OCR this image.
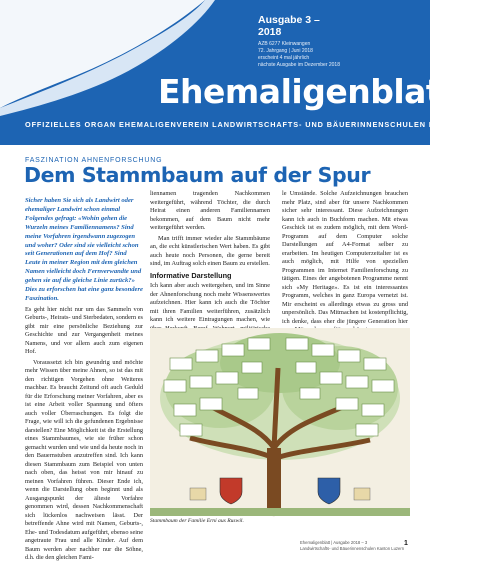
Ausgabe 3 – 2018
AZB 6277 Kleinwangen
72. Jahrgang | Juni 2018
erscheint 4 mal jährlich
nächste Ausgabe im Dezember 2018
Ehemaligenblatt
OFFIZIELLES ORGAN EHEMALIGENVEREIN LANDWIRTSCHAFTS- UND BÄUERINNENSCHULEN KANTON LUZERN
FASZINATION AHNENFORSCHUNG
Dem Stammbaum auf der Spur

Sicher haben Sie sich als Landwirt oder ehemaliger Landwirt schon einmal Folgendes gefragt: «Wohin gehen die Wurzeln meines Familiennamens? Sind meine Vorfahren irgendwann zugezogen und woher? Oder sind sie vielleicht schon seit Generationen auf dem Hof? Sind Leute in meiner Region mit dem gleichen Namen vielleicht doch Fernverwandte und gehen sie auf die gleiche Linie zurück?» Dies zu erforschen hat eine ganz besondere Faszination.

Es geht hier nicht nur um das Sammeln von Geburts-, Heirats- und Sterbedaten, sondern es gibt mir eine persönliche Beziehung zur Geschichte und zur Vergangenheit meines Namens, und vor allem auch zum eigenen Hof.

Voraussetzt ich bin gwundrig und möchte mehr Wissen über meine Ahnen, so ist das mit den richtigen Vorgehen ohne Weiteres machbar. Es braucht Zeitund oft auch Geduld für die Erforschung meiner Vorfahren, aber es ist eine Arbeit voller Spannung und öfters auch voller Überraschungen. Es folgt die Frage, wie will ich die gefundenen Ergebnisse darstellen? Eine Möglichkeit ist die Erstellung eines Stammbaumes, wie sie früher schon gemacht wurden und wie und da heute noch in den Bauernstuben anzutreffen sind. Ich kann diesen Stammbaum zum Beispiel von unten nach oben, das heisst von mir hinauf zu meinen Vorfahren führen. Dieser Ende ich, wenn die Darstellung oben beginnt und als Ausgangspunkt der älteste Vorfahre genommen wird, dessen Nachkommenschaft sich lückenlos nachweisen lässt. Der betreffende Ahne wird mit Namen, Geburts-, Ehe- und Todesdatum aufgeführt, ebenso seine angetraute Frau und alle Kinder. Auf dem Baum werden aber nachher nur die Söhne, d.h. die den gleichen Fami-

liennamen tragenden Nachkommen weitergeführt, während Töchter, die durch Heirat einen anderen Familiennamen bekommen, auf dem Baum nicht mehr weitergeführt werden.

Man trifft immer wieder alte Stammbäume an, die echt künstlerischen Wert haben. Es gibt auch heute noch Personen, die gerne bereit sind, im Auftrag solch einen Baum zu erstellen.

Informative Darstellung

Ich kann aber auch weitergehen, und im Sinne der Ahnenforschung noch mehr Wissenswertes aufzeichnen. Hier kann ich auch die Töchter mit ihren Familien weiterführen, zusätzlich kann ich weitere Eintragungen machen, wie

le Umstände. Solche Aufzeichnungen brauchen mehr Platz, sind aber für unsere Nachkommen sicher sehr interessant. Diese Aufzeichnungen kann ich auch in Buchform machen. Mit etwas Geschick ist es zudem möglich, mit dem Word-Programm auf dem Computer solche Darstellungen auf A4-Format selber zu erarbeiten. Im heutigen Computerzeitalter ist es auch möglich, mit Hilfe von speziellen Programmen im Internet Familienforschung zu tätigen. Eines der angebotenen Programme nennt sich «My Heritage». Es ist ein interessantes Programm, welches in ganz Europa vernetzt ist. Mir erscheint es allerdings etwas zu gross und unpersönlich. Das Mitmachen ist kostenpflichtig, ich denke, dass eher die jüngere Generation hier

Stammbaum der Familie Erni aus Ruswil.
Ehemaligenblatt | Ausgabe 2018 – 3
Landwirtschafts- und Bäuerinnenschulen Kanton Luzern
1
